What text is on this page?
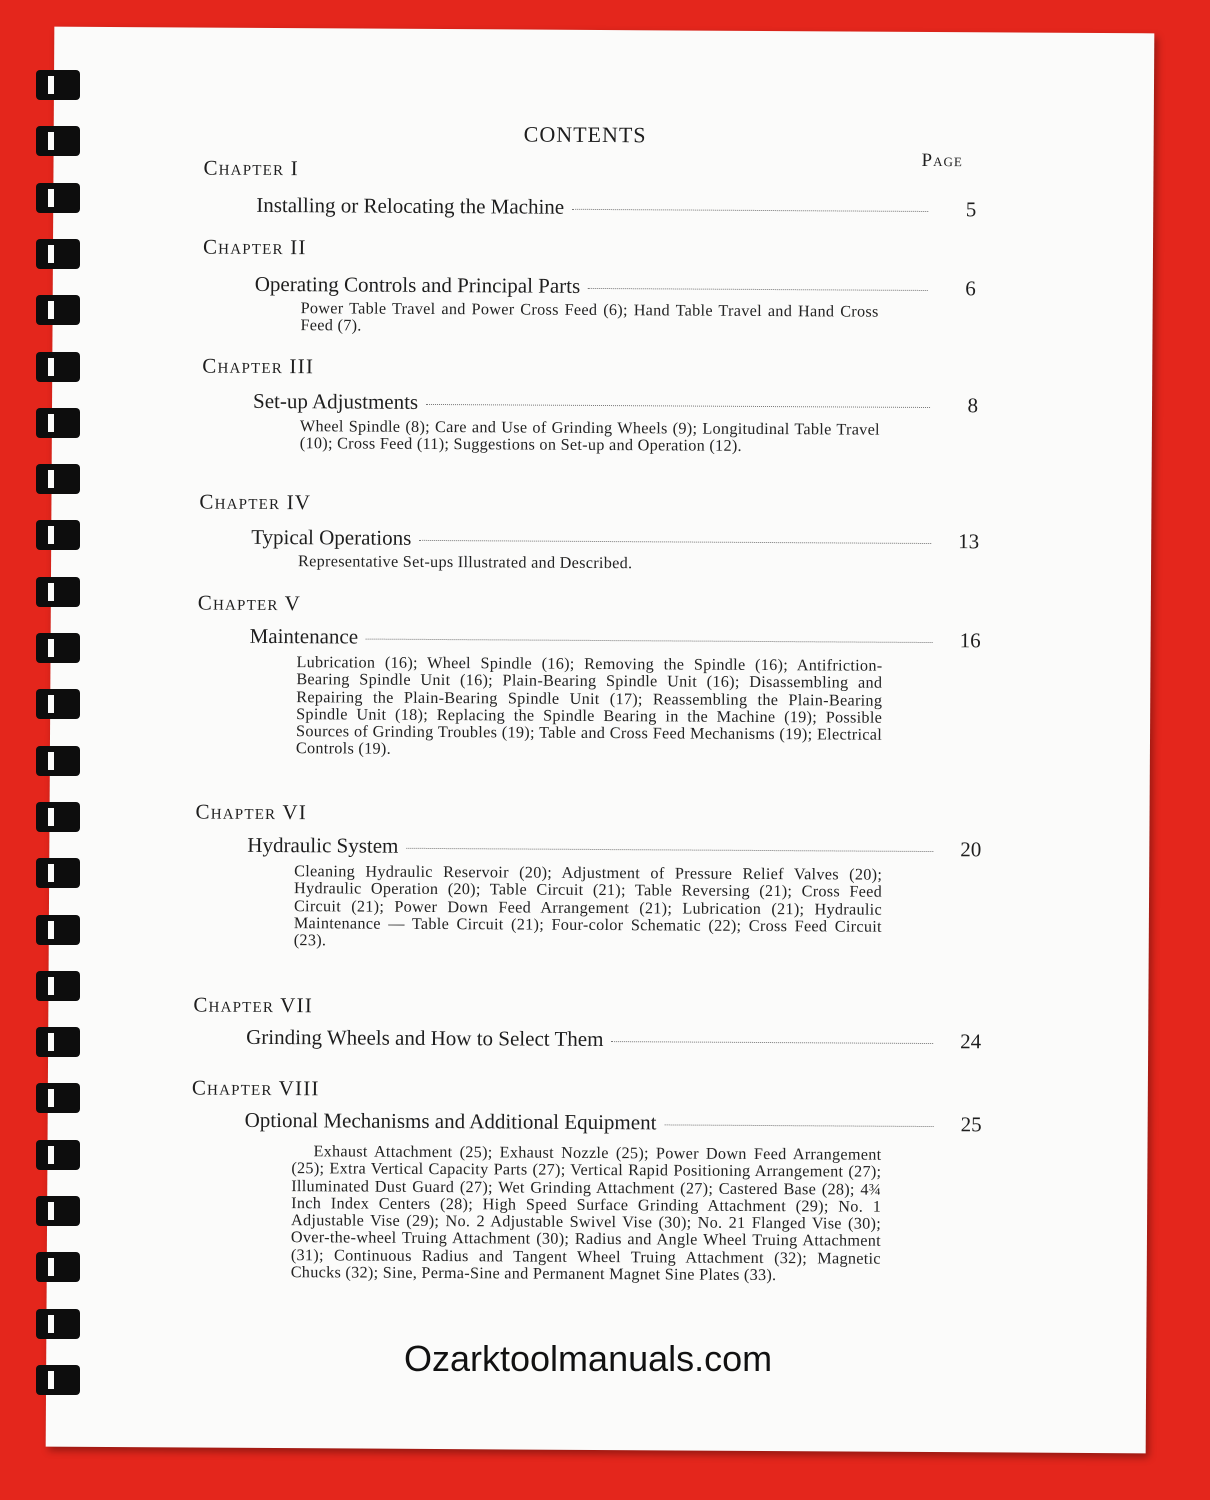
CONTENTS
Page
Chapter I
Installing or Relocating the Machine	5
Chapter II
Operating Controls and Principal Parts	6
Power Table Travel and Power Cross Feed (6); Hand Table Travel and Hand Cross Feed (7).
Chapter III
Set-up Adjustments	8
Wheel Spindle (8); Care and Use of Grinding Wheels (9); Longitudinal Table Travel (10); Cross Feed (11); Suggestions on Set-up and Operation (12).
Chapter IV
Typical Operations	13
Representative Set-ups Illustrated and Described.
Chapter V
Maintenance	16
Lubrication (16); Wheel Spindle (16); Removing the Spindle (16); Antifriction-Bearing Spindle Unit (16); Plain-Bearing Spindle Unit (16); Disassembling and Repairing the Plain-Bearing Spindle Unit (17); Reassembling the Plain-Bearing Spindle Unit (18); Replacing the Spindle Bearing in the Machine (19); Possible Sources of Grinding Troubles (19); Table and Cross Feed Mechanisms (19); Electrical Controls (19).
Chapter VI
Hydraulic System	20
Cleaning Hydraulic Reservoir (20); Adjustment of Pressure Relief Valves (20); Hydraulic Operation (20); Table Circuit (21); Table Reversing (21); Cross Feed Circuit (21); Power Down Feed Arrangement (21); Lubrication (21); Hydraulic Maintenance — Table Circuit (21); Four-color Schematic (22); Cross Feed Circuit (23).
Chapter VII
Grinding Wheels and How to Select Them	24
Chapter VIII
Optional Mechanisms and Additional Equipment	25
Exhaust Attachment (25); Exhaust Nozzle (25); Power Down Feed Arrangement (25); Extra Vertical Capacity Parts (27); Vertical Rapid Positioning Arrangement (27); Illuminated Dust Guard (27); Wet Grinding Attachment (27); Castered Base (28); 4¾ Inch Index Centers (28); High Speed Surface Grinding Attachment (29); No. 1 Adjustable Vise (29); No. 2 Adjustable Swivel Vise (30); No. 21 Flanged Vise (30); Over-the-wheel Truing Attachment (30); Radius and Angle Wheel Truing Attachment (31); Continuous Radius and Tangent Wheel Truing Attachment (32); Magnetic Chucks (32); Sine, Perma-Sine and Permanent Magnet Sine Plates (33).
Ozarktoolmanuals.com
